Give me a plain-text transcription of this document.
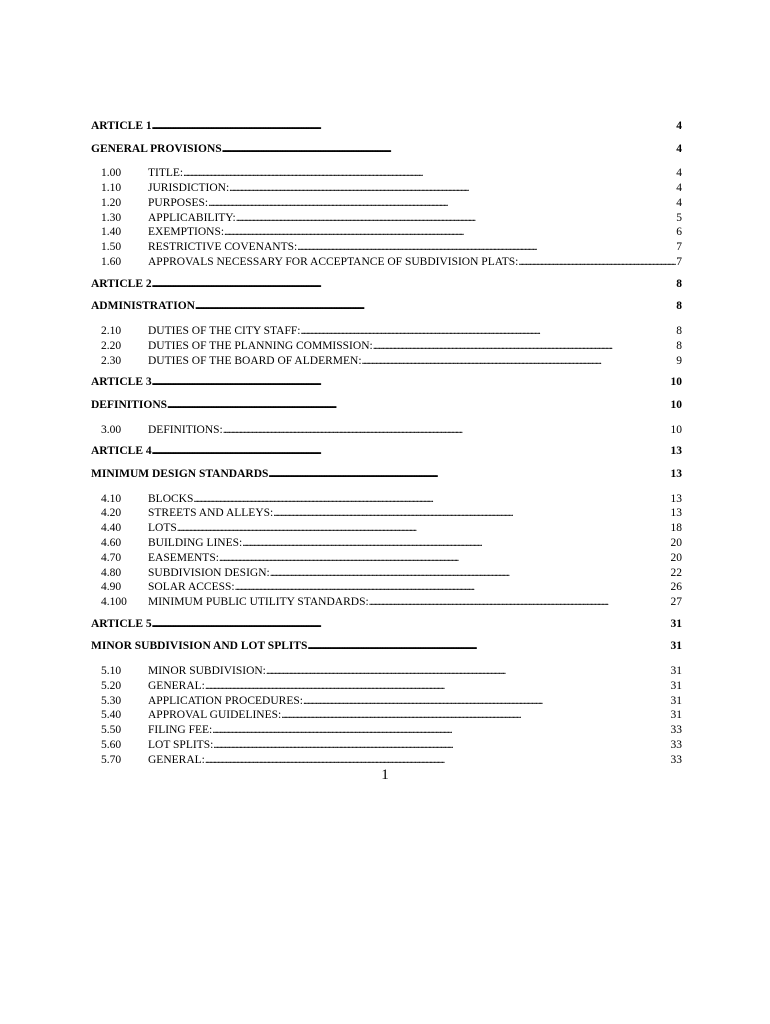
ARTICLE 1 . . .	4
GENERAL PROVISIONS . . .	4
1.00	TITLE: . . .	4
1.10	JURISDICTION: . . .	4
1.20	PURPOSES: . . .	4
1.30	APPLICABILITY: . . .	5
1.40	EXEMPTIONS: . . .	6
1.50	RESTRICTIVE COVENANTS: . . .	7
1.60	APPROVALS NECESSARY FOR ACCEPTANCE OF SUBDIVISION PLATS: . . .	7
ARTICLE 2 . . .	8
ADMINISTRATION . . .	8
2.10	DUTIES OF THE CITY STAFF: . . .	8
2.20	DUTIES OF THE PLANNING COMMISSION: . . .	8
2.30	DUTIES OF THE BOARD OF ALDERMEN: . . .	9
ARTICLE 3 . . .	10
DEFINITIONS . . .	10
3.00	DEFINITIONS: . . .	10
ARTICLE 4 . . .	13
MINIMUM DESIGN STANDARDS . . .	13
4.10	BLOCKS . . .	13
4.20	STREETS AND ALLEYS: . . .	13
4.40	LOTS . . .	18
4.60	BUILDING LINES: . . .	20
4.70	EASEMENTS: . . .	20
4.80	SUBDIVISION DESIGN: . . .	22
4.90	SOLAR ACCESS: . . .	26
4.100	MINIMUM PUBLIC UTILITY STANDARDS: . . .	27
ARTICLE 5 . . .	31
MINOR SUBDIVISION AND LOT SPLITS . . .	31
5.10	MINOR SUBDIVISION: . . .	31
5.20	GENERAL: . . .	31
5.30	APPLICATION PROCEDURES: . . .	31
5.40	APPROVAL GUIDELINES: . . .	31
5.50	FILING FEE: . . .	33
5.60	LOT SPLITS: . . .	33
5.70	GENERAL: . . .	33
1
